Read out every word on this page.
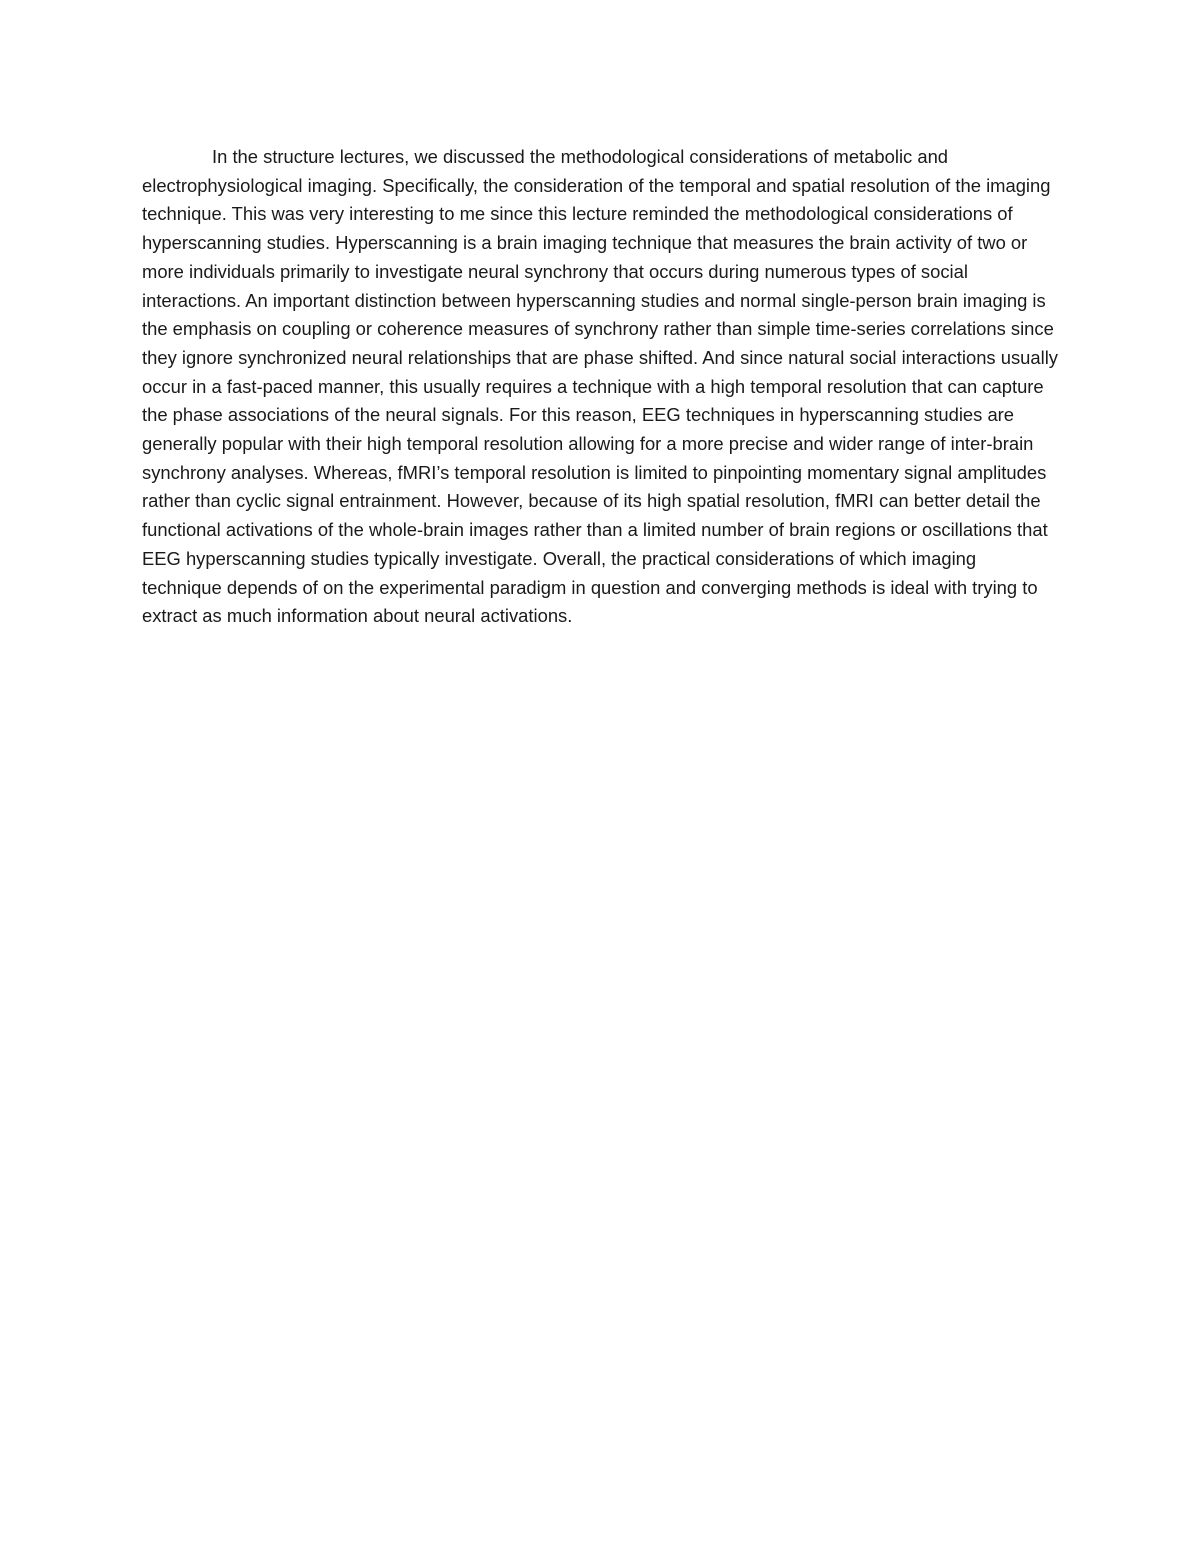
In the structure lectures, we discussed the methodological considerations of metabolic and electrophysiological imaging. Specifically, the consideration of the temporal and spatial resolution of the imaging technique. This was very interesting to me since this lecture reminded the methodological considerations of hyperscanning studies. Hyperscanning is a brain imaging technique that measures the brain activity of two or more individuals primarily to investigate neural synchrony that occurs during numerous types of social interactions. An important distinction between hyperscanning studies and normal single-person brain imaging is the emphasis on coupling or coherence measures of synchrony rather than simple time-series correlations since they ignore synchronized neural relationships that are phase shifted. And since natural social interactions usually occur in a fast-paced manner, this usually requires a technique with a high temporal resolution that can capture the phase associations of the neural signals. For this reason, EEG techniques in hyperscanning studies are generally popular with their high temporal resolution allowing for a more precise and wider range of inter-brain synchrony analyses. Whereas, fMRI’s temporal resolution is limited to pinpointing momentary signal amplitudes rather than cyclic signal entrainment. However, because of its high spatial resolution, fMRI can better detail the functional activations of the whole-brain images rather than a limited number of brain regions or oscillations that EEG hyperscanning studies typically investigate. Overall, the practical considerations of which imaging technique depends of on the experimental paradigm in question and converging methods is ideal with trying to extract as much information about neural activations.
